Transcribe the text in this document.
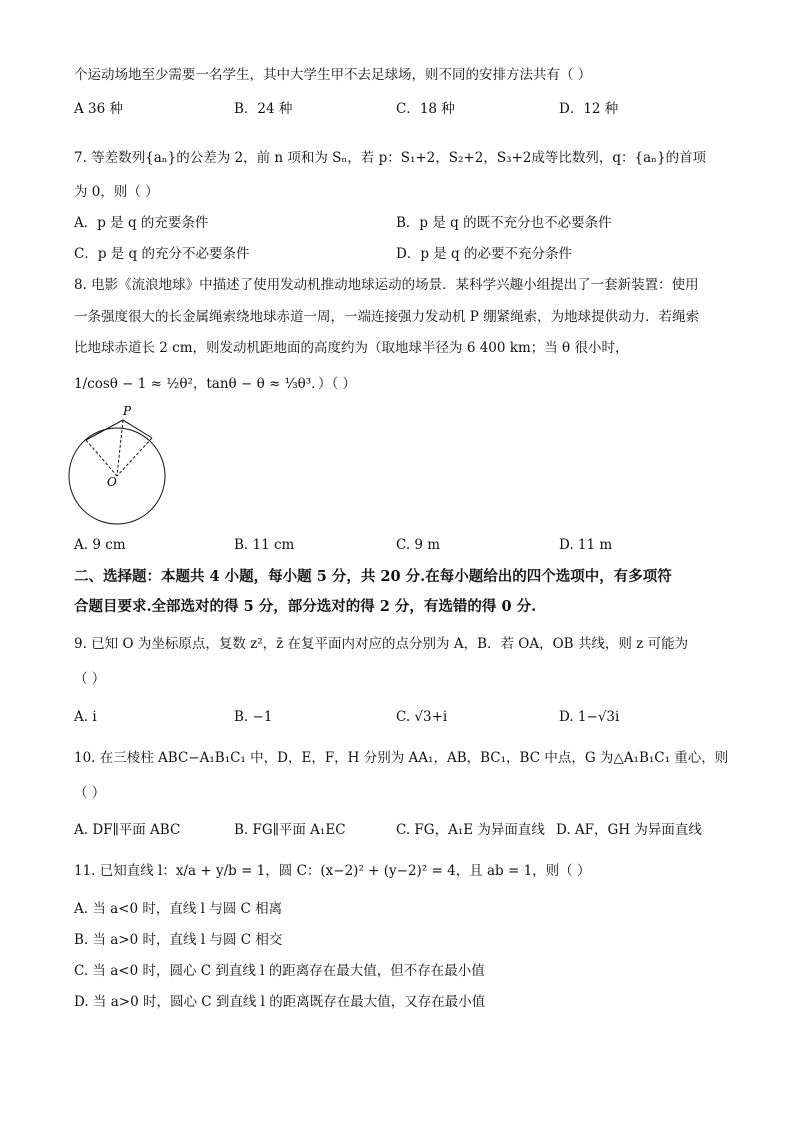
个运动场地至少需要一名学生，其中大学生甲不去足球场，则不同的安排方法共有（ ）
A 36 种	B．24 种	C．18 种	D．12 种
7. 等差数列{aₙ}的公差为 2，前 n 项和为 Sₙ，若 p：S₁+2，S₂+2，S₃+2成等比数列，q：{aₙ}的首项
为 0，则（ ）
A．p 是 q 的充要条件	B．p 是 q 的既不充分也不必要条件
C．p 是 q 的充分不必要条件	D．p 是 q 的必要不充分条件
8. 电影《流浪地球》中描述了使用发动机推动地球运动的场景．某科学兴趣小组提出了一套新装置：使用
一条强度很大的长金属绳索绕地球赤道一周，一端连接强力发动机 P 绷紧绳索，为地球提供动力．若绳索
比地球赤道长 2 cm，则发动机距地面的高度约为（取地球半径为 6 400 km；当 θ 很小时，
1/cosθ − 1 ≈ ½θ²，tanθ − θ ≈ ⅓θ³．）（ ）
P
O
A. 9 cm	B. 11 cm	C. 9 m	D. 11 m
二、选择题：本题共 4 小题，每小题 5 分，共 20 分.在每小题给出的四个选项中，有多项符
合题目要求.全部选对的得 5 分，部分选对的得 2 分，有选错的得 0 分.
9. 已知 O 为坐标原点，复数 z²，z̄ 在复平面内对应的点分别为 A，B．若 OA，OB 共线，则 z 可能为
（ ）
A. i	B. −1	C. √3+i	D. 1−√3i
10. 在三棱柱 ABC−A₁B₁C₁ 中，D，E，F，H 分别为 AA₁，AB，BC₁，BC 中点，G 为△A₁B₁C₁ 重心，则
（ ）
A. DF∥平面 ABC	B. FG∥平面 A₁EC	C. FG，A₁E 为异面直线 D. AF，GH 为异面直线
11. 已知直线 l：x/a + y/b = 1，圆 C：(x−2)² + (y−2)² = 4，且 ab = 1，则（ ）
A. 当 a<0 时，直线 l 与圆 C 相离
B. 当 a>0 时，直线 l 与圆 C 相交
C. 当 a<0 时，圆心 C 到直线 l 的距离存在最大值，但不存在最小值
D. 当 a>0 时，圆心 C 到直线 l 的距离既存在最大值，又存在最小值
